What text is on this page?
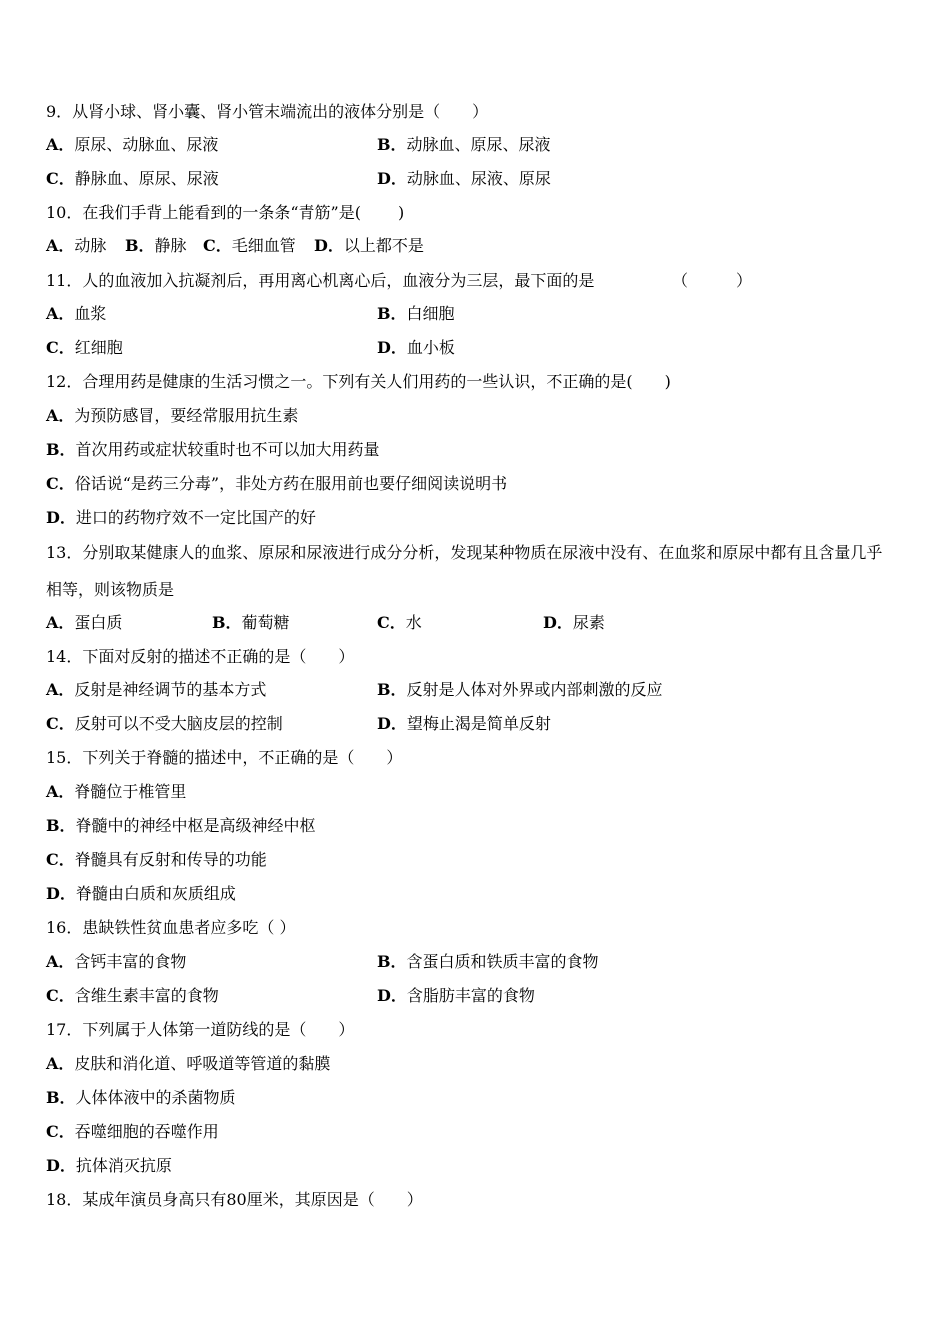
9．从肾小球、肾小囊、肾小管末端流出的液体分别是（　　）
A．原尿、动脉血、尿液	B．动脉血、原尿、尿液
C．静脉血、原尿、尿液	D．动脉血、尿液、原尿
10．在我们手背上能看到的一条条“青筋”是(　　 )
A．动脉 B．静脉 C．毛细血管 D．以上都不是
11．人的血液加入抗凝剂后，再用离心机离心后，血液分为三层，最下面的是	（　　　）
A．血浆	B．白细胞
C．红细胞	D．血小板
12．合理用药是健康的生活习惯之一。下列有关人们用药的一些认识，不正确的是(　　)
A．为预防感冒，要经常服用抗生素
B．首次用药或症状较重时也不可以加大用药量
C．俗话说“是药三分毒”，非处方药在服用前也要仔细阅读说明书
D．进口的药物疗效不一定比国产的好
13．分别取某健康人的血浆、原尿和尿液进行成分分析，发现某种物质在尿液中没有、在血浆和原尿中都有且含量几乎
相等，则该物质是
A．蛋白质	B．葡萄糖	C．水	D．尿素
14．下面对反射的描述不正确的是（　　）
A．反射是神经调节的基本方式	B．反射是人体对外界或内部刺激的反应
C．反射可以不受大脑皮层的控制	D．望梅止渴是简单反射
15．下列关于脊髓的描述中，不正确的是（　　）
A．脊髓位于椎管里
B．脊髓中的神经中枢是高级神经中枢
C．脊髓具有反射和传导的功能
D．脊髓由白质和灰质组成
16．患缺铁性贫血患者应多吃（ ）
A．含钙丰富的食物	B．含蛋白质和铁质丰富的食物
C．含维生素丰富的食物	D．含脂肪丰富的食物
17．下列属于人体第一道防线的是（　　）
A．皮肤和消化道、呼吸道等管道的黏膜
B．人体体液中的杀菌物质
C．吞噬细胞的吞噬作用
D．抗体消灭抗原
18．某成年演员身高只有80厘米，其原因是（　　）
